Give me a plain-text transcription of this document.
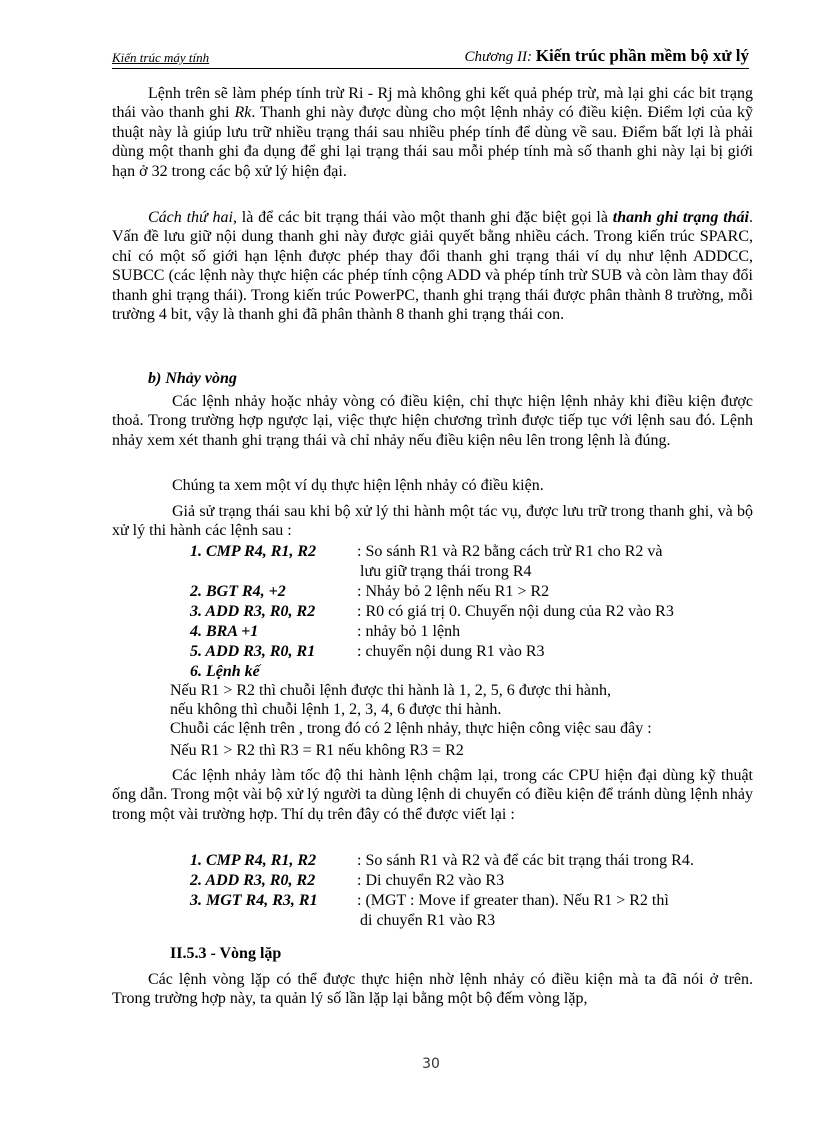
Kiến trúc máy tính	Chương II: Kiến trúc phần mềm bộ xử lý

Lệnh trên sẽ làm phép tính trừ Ri - Rj mà không ghi kết quả phép trừ, mà lại ghi các bit trạng thái vào thanh ghi Rk. Thanh ghi này được dùng cho một lệnh nhảy có điều kiện. Điểm lợi của kỹ thuật này là giúp lưu trữ nhiều trạng thái sau nhiều phép tính để dùng về sau. Điểm bất lợi là phải dùng một thanh ghi đa dụng để ghi lại trạng thái sau mỗi phép tính mà số thanh ghi này lại bị giới hạn ở 32 trong các bộ xử lý hiện đại.

Cách thứ hai, là để các bit trạng thái vào một thanh ghi đặc biệt gọi là thanh ghi trạng thái. Vấn đề lưu giữ nội dung thanh ghi này được giải quyết bằng nhiều cách. Trong kiến trúc SPARC, chỉ có một số giới hạn lệnh được phép thay đổi thanh ghi trạng thái ví dụ như lệnh ADDCC, SUBCC (các lệnh này thực hiện các phép tính cộng ADD và phép tính trừ SUB và còn làm thay đổi thanh ghi trạng thái). Trong kiến trúc PowerPC, thanh ghi trạng thái được phân thành 8 trường, mỗi trường 4 bit, vậy là thanh ghi đã phân thành 8 thanh ghi trạng thái con.

b) Nhảy vòng

Các lệnh nhảy hoặc nhảy vòng có điều kiện, chỉ thực hiện lệnh nhảy khi điều kiện được thoả. Trong trường hợp ngược lại, việc thực hiện chương trình được tiếp tục với lệnh sau đó. Lệnh nhảy xem xét thanh ghi trạng thái và chỉ nhảy nếu điều kiện nêu lên trong lệnh là đúng.

Chúng ta xem một ví dụ thực hiện lệnh nhảy có điều kiện.

Giả sử trạng thái sau khi bộ xử lý thi hành một tác vụ, được lưu trữ trong thanh ghi, và bộ xử lý thi hành các lệnh sau :

1. CMP R4, R1, R2	: So sánh R1 và R2 bằng cách trừ R1 cho R2 và
lưu giữ trạng thái trong R4
2. BGT R4, +2	: Nhảy bỏ 2 lệnh nếu R1 > R2
3. ADD R3, R0, R2	: R0 có giá trị 0. Chuyển nội dung của R2 vào R3
4. BRA +1	: nhảy bỏ 1 lệnh
5. ADD R3, R0, R1	: chuyển nội dung R1 vào R3
6. Lệnh kế
Nếu R1 > R2 thì chuỗi lệnh được thi hành là 1, 2, 5, 6 được thi hành,
nếu không thì chuỗi lệnh 1, 2, 3, 4, 6 được thi hành.
Chuỗi các lệnh trên , trong đó có 2 lệnh nhảy, thực hiện công việc sau đây :
Nếu R1 > R2 thì R3 = R1 nếu không R3 = R2

Các lệnh nhảy làm tốc độ thi hành lệnh chậm lại, trong các CPU hiện đại dùng kỹ thuật ống dẫn. Trong một vài bộ xử lý người ta dùng lệnh di chuyển có điều kiện để tránh dùng lệnh nhảy trong một vài trường hợp. Thí dụ trên đây có thể được viết lại :

1. CMP R4, R1, R2	: So sánh R1 và R2 và để các bit trạng thái trong R4.
2. ADD R3, R0, R2	: Di chuyển R2 vào R3
3. MGT R4, R3, R1 : (MGT : Move if greater than). Nếu R1 > R2 thì
di chuyển R1 vào R3
II.5.3 - Vòng lặp

Các lệnh vòng lặp có thể được thực hiện nhờ lệnh nhảy có điều kiện mà ta đã nói ở trên. Trong trường hợp này, ta quản lý số lần lặp lại bằng một bộ đếm vòng lặp,

30
